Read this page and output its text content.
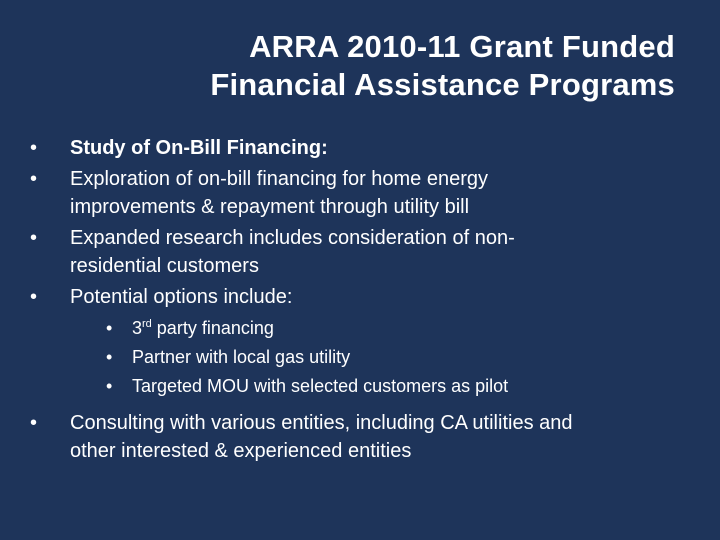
ARRA 2010-11 Grant Funded
Financial Assistance Programs
• Study of On-Bill Financing:
• Exploration of on-bill financing for home energy
improvements & repayment through utility bill
• Expanded research includes consideration of non-
residential customers
• Potential options include:
• 3rd party financing
• Partner with local gas utility
• Targeted MOU with selected customers as pilot
• Consulting with various entities, including CA utilities and
other interested & experienced entities
